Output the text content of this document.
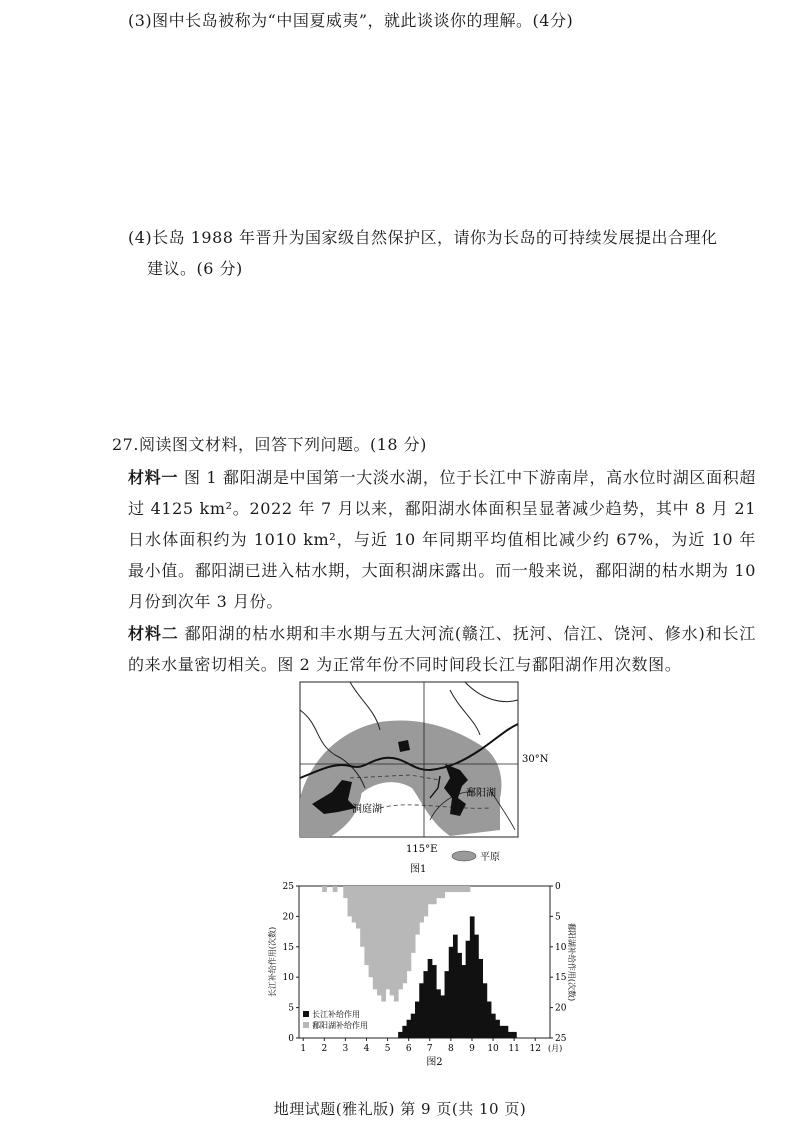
(3)图中长岛被称为“中国夏威夷”，就此谈谈你的理解。(4分)
(4)长岛 1988 年晋升为国家级自然保护区，请你为长岛的可持续发展提出合理化
建议。(6 分)
27.阅读图文材料，回答下列问题。(18 分)
材料一 图 1 鄱阳湖是中国第一大淡水湖，位于长江中下游南岸，高水位时湖区面积超过 4125 km²。2022 年 7 月以来，鄱阳湖水体面积呈显著减少趋势，其中 8 月 21 日水体面积约为 1010 km²，与近 10 年同期平均值相比减少约 67%，为近 10 年最小值。鄱阳湖已进入枯水期，大面积湖床露出。而一般来说，鄱阳湖的枯水期为 10 月份到次年 3 月份。
材料二 鄱阳湖的枯水期和丰水期与五大河流(赣江、抚河、信江、饶河、修水)和长江的来水量密切相关。图 2 为正常年份不同时间段长江与鄱阳湖作用次数图。
30°N
洞庭湖
鄱阳湖
115°E
平原
图1
0
5
10
15
20
25	0
5
10
15
20
25
1 2 3 4 5 6 7 8 9 10 11 12 (月)
长江补给作用(次数)	鄱阳湖补给作用(次数)
长江补给作用
鄱阳湖补给作用
图2
地理试题(雅礼版) 第 9 页(共 10 页)
